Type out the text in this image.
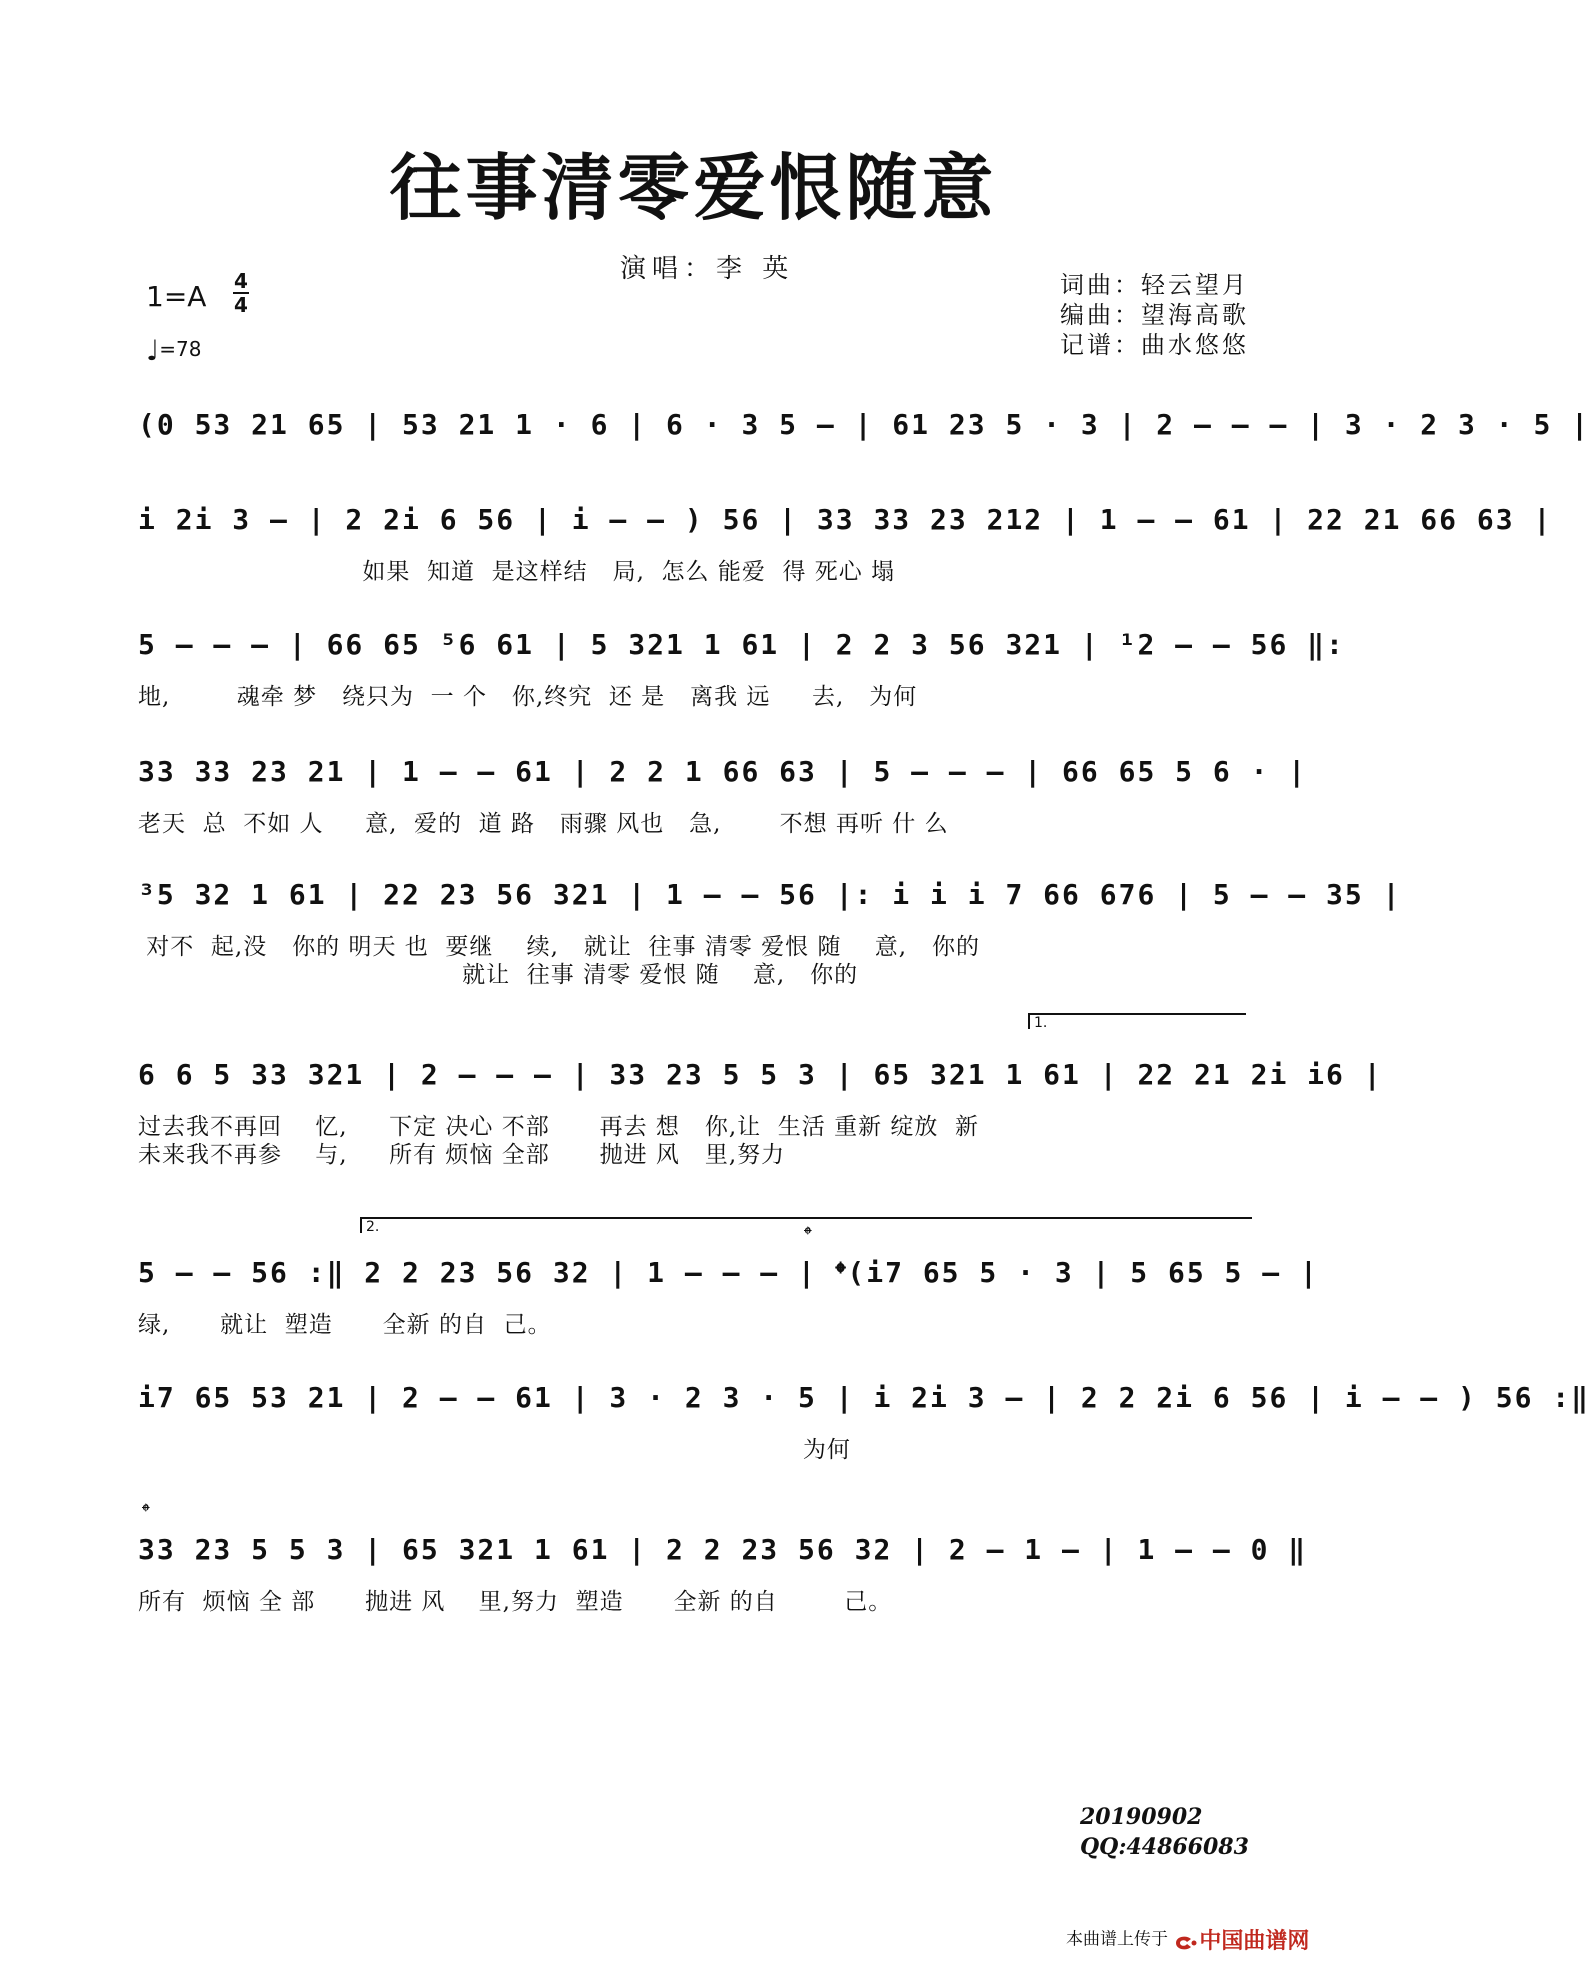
往事清零爱恨随意
演唱：李 英
词曲：轻云望月
编曲：望海高歌
记谱：曲水悠悠
1=A 4
4
♩=78
(0 53 21 65 | 53 21 1 · 6 | 6 · 3 5 – | 61 23 5 · 3 | 2 – – – | 3 · 2 3 · 5 |
i 2i 3 – | 2 2i 6 56 | i – – ) 56 | 33 33 23 212 | 1 – – 61 | 22 21 66 63 |
如果  知道  是这样结   局,  怎么 能爱  得 死心 塌
5 – – – | 66 65 ⁵6 61 | 5 321 1 61 | 2 2 3 56 321 | ¹2 – – 56 ‖:
地,        魂牵 梦   绕只为  一 个   你,终究  还 是   离我 远     去,   为何
33 33 23 21 | 1 – – 61 | 2 2 1 66 63 | 5 – – – | 66 65 5 6 · |
老天  总  不如 人     意,  爱的  道 路   雨骤 风也   急,       不想 再听 什 么
³5 32 1 61 | 22 23 56 321 | 1 – – 56 |: i i i 7 66 676 | 5 – – 35 |
对不  起,没   你的 明天 也  要继    续,   就让  往事 清零 爱恨 随    意,   你的
就让  往事 清零 爱恨 随    意,   你的
1.
6 6 5 33 321 | 2 – – – | 33 23 5 5 3 | 65 321 1 61 | 22 21 2i i6 |
过去我不再回    忆,     下定 决心 不部      再去 想   你,让  生活 重新 绽放  新
未来我不再参    与,     所有 烦恼 全部      抛进 风   里,努力
2.	𝄌
5 – – 56 :‖ 2 2 23 56 32 | 1 – – – | 𝄌(i7 65 5 · 3 | 5 65 5 – |
绿,      就让  塑造      全新 的自  己。
i7 65 53 21 | 2 – – 61 | 3 · 2 3 · 5 | i 2i 3 – | 2 2 2i 6 56 | i – – ) 56 :‖
为何
𝄌
33 23 5 5 3 | 65 321 1 61 | 2 2 23 56 32 | 2 – 1 – | 1 – – 0 ‖
所有  烦恼 全 部      抛进 风    里,努力  塑造      全新 的自        己。
20190902
QQ:44866083
本曲谱上传于 中国曲谱网
